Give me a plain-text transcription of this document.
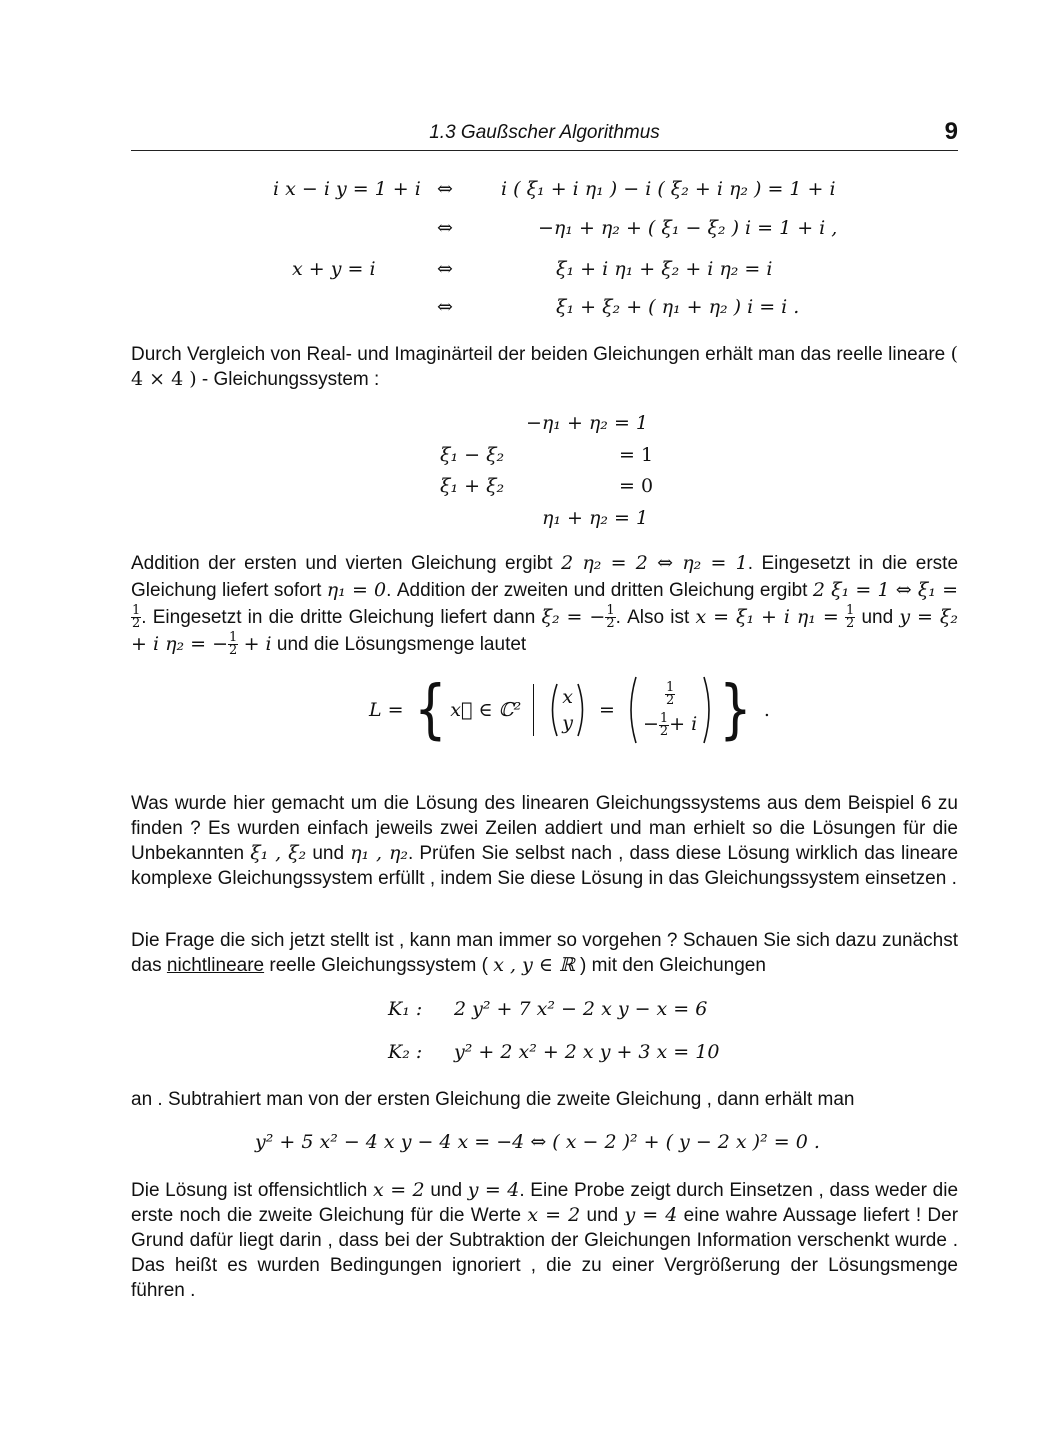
1.3 Gaußscher Algorithmus	9
i x − i y = 1 + i ⇔	i ( ξ₁ + i η₁ ) − i ( ξ₂ + i η₂ ) = 1 + i
⇔	−η₁ + η₂ + ( ξ₁ − ξ₂ ) i = 1 + i ,
x + y = i	⇔	ξ₁ + i η₁ + ξ₂ + i η₂ = i
⇔	ξ₁ + ξ₂ + ( η₁ + η₂ ) i = i .
Durch Vergleich von Real- und Imaginärteil der beiden Gleichungen erhält man das reelle lineare ( 4 × 4 ) - Gleichungssystem :
−η₁ + η₂ = 1
ξ₁ − ξ₂	= 1
ξ₁ + ξ₂	= 0
η₁ + η₂ = 1
Addition der ersten und vierten Gleichung ergibt 2 η₂ = 2 ⇔ η₂ = 1. Eingesetzt in die erste Gleichung liefert sofort η₁ = 0. Addition der zweiten und dritten Gleichung ergibt 2 ξ₁ = 1 ⇔ ξ₁ =
$\frac{1}{2}$ . Eingesetzt in die dritte Gleichung liefert dann ξ₂ = − $\frac{1}{2}$ . Also ist x = ξ₁ + i $\eta_1 = \frac{1}{2}$ und y = ξ₂ + i η₂ = − $\frac{1}{2} + i$ und die Lösungsmenge lautet
L = { x⃗ ∈ ℂ²
x
y
=
$\frac{1}{2}$
− $\frac{1}{2} + i$ } .
Was wurde hier gemacht um die Lösung des linearen Gleichungssystems aus dem Beispiel 6 zu finden ? Es wurden einfach jeweils zwei Zeilen addiert und man erhielt so die Lösungen für die Unbekannten ξ₁ , ξ₂ und η₁ , η₂. Prüfen Sie selbst nach , dass diese Lösung wirklich das lineare komplexe Gleichungssystem erfüllt , indem Sie diese Lösung in das Gleichungssystem einsetzen .
Die Frage die sich jetzt stellt ist , kann man immer so vorgehen ? Schauen Sie sich dazu zunächst das nichtlineare reelle Gleichungssystem ( x , y ∈ ℝ ) mit den Gleichungen
K₁ : 2 y² + 7 x² − 2 x y − x = 6
K₂ : y² + 2 x² + 2 x y + 3 x = 10
an . Subtrahiert man von der ersten Gleichung die zweite Gleichung , dann erhält man
y² + 5 x² − 4 x y − 4 x = −4 ⇔ ( x − 2 )² + ( y − 2 x )² = 0 .
Die Lösung ist offensichtlich x = 2 und y = 4. Eine Probe zeigt durch Einsetzen , dass weder die erste noch die zweite Gleichung für die Werte x = 2 und y = 4 eine wahre Aussage liefert ! Der Grund dafür liegt darin , dass bei der Subtraktion der Gleichungen Information verschenkt wurde . Das heißt es wurden Bedingungen ignoriert , die zu einer Vergrößerung der Lösungsmenge führen .
